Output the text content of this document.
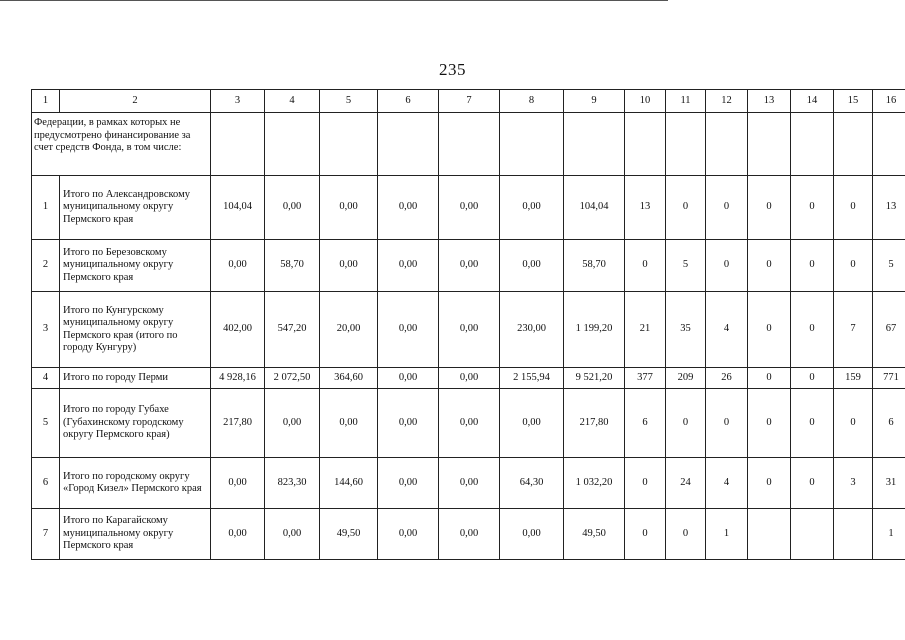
235
1	2	3	4	5	6	7	8	9	10	11	12	13	14	15	16
Федерации, в рамках которых не предусмотрено финансирование за счет средств Фонда, в том числе:															
1	Итого по Александровскому муниципальному округу Пермского края	104,04	0,00	0,00	0,00	0,00	0,00	104,04	13	0	0	0	0	0	13
2	Итого по Березовскому муниципальному округу Пермского края	0,00	58,70	0,00	0,00	0,00	0,00	58,70	0	5	0	0	0	0	5
3	Итого по Кунгурскому муниципальному округу Пермского края (итого по городу Кунгуру)	402,00	547,20	20,00	0,00	0,00	230,00	1 199,20	21	35	4	0	0	7	67
4	Итого по городу Перми	4 928,16	2 072,50	364,60	0,00	0,00	2 155,94	9 521,20	377	209	26	0	0	159	771
5	Итого по городу Губахе (Губахинскому городскому округу Пермского края)	217,80	0,00	0,00	0,00	0,00	0,00	217,80	6	0	0	0	0	0	6
6	Итого по городскому округу «Город Кизел» Пермского края	0,00	823,30	144,60	0,00	0,00	64,30	1 032,20	0	24	4	0	0	3	31
7	Итого по Карагайскому муниципальному округу Пермского края	0,00	0,00	49,50	0,00	0,00	0,00	49,50	0	0	1				1
